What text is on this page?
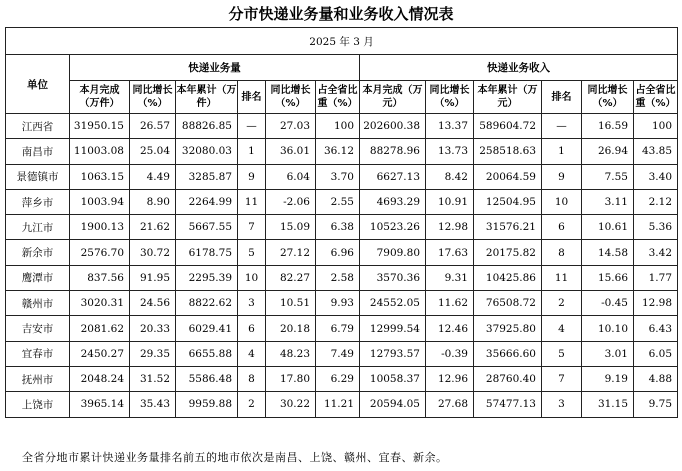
分市快递业务量和业务收入情况表
2025 年 3 月												
单位	快递业务量						快递业务收入					
	本月完成（万件）	同比增长（%）	本年累计（万件）	排名	同比增长（%）	占全省比重（%）	本月完成（万元）	同比增长（%）	本年累计（万元）	排名	同比增长（%）	占全省比重（%）
江西省	31950.15	26.57	88826.85	—	27.03	100	202600.38	13.37	589604.72	—	16.59	100
南昌市	11003.08	25.04	32080.03	1	36.01	36.12	88278.96	13.73	258518.63	1	26.94	43.85
景德镇市	1063.15	4.49	3285.87	9	6.04	3.70	6627.13	8.42	20064.59	9	7.55	3.40
萍乡市	1003.94	8.90	2264.99	11	-2.06	2.55	4693.29	10.91	12504.95	10	3.11	2.12
九江市	1900.13	21.62	5667.55	7	15.09	6.38	10523.26	12.98	31576.21	6	10.61	5.36
新余市	2576.70	30.72	6178.75	5	27.12	6.96	7909.80	17.63	20175.82	8	14.58	3.42
鹰潭市	837.56	91.95	2295.39	10	82.27	2.58	3570.36	9.31	10425.86	11	15.66	1.77
赣州市	3020.31	24.56	8822.62	3	10.51	9.93	24552.05	11.62	76508.72	2	-0.45	12.98
吉安市	2081.62	20.33	6029.41	6	20.18	6.79	12999.54	12.46	37925.80	4	10.10	6.43
宜春市	2450.27	29.35	6655.88	4	48.23	7.49	12793.57	-0.39	35666.60	5	3.01	6.05
抚州市	2048.24	31.52	5586.48	8	17.80	6.29	10058.37	12.96	28760.40	7	9.19	4.88
上饶市	3965.14	35.43	9959.88	2	30.22	11.21	20594.05	27.68	57477.13	3	31.15	9.75
全省分地市累计快递业务量排名前五的地市依次是南昌、上饶、赣州、宜春、新余。
